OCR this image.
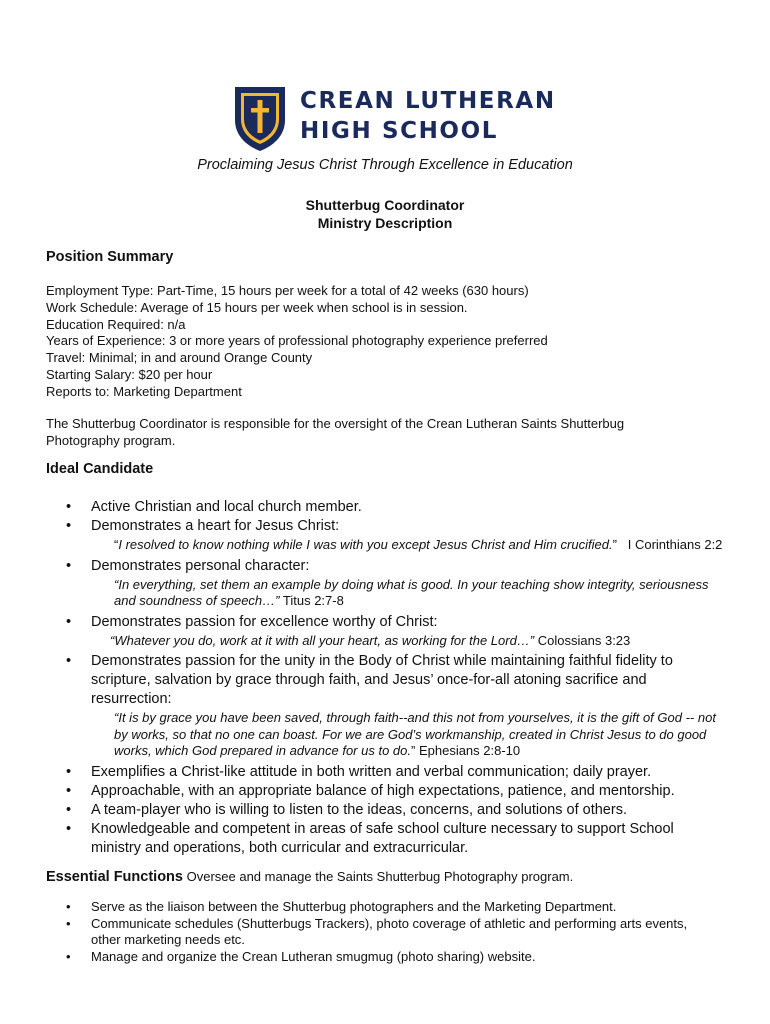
CREAN LUTHERAN
HIGH SCHOOL
Proclaiming Jesus Christ Through Excellence in Education
Shutterbug Coordinator
Ministry Description
Position Summary
Employment Type: Part-Time, 15 hours per week for a total of 42 weeks (630 hours)
Work Schedule: Average of 15 hours per week when school is in session.
Education Required: n/a
Years of Experience: 3 or more years of professional photography experience preferred
Travel: Minimal; in and around Orange County
Starting Salary: $20 per hour
Reports to: Marketing Department
The Shutterbug Coordinator is responsible for the oversight of the Crean Lutheran Saints Shutterbug Photography program.
Ideal Candidate
• Active Christian and local church member.
• Demonstrates a heart for Jesus Christ:
“I resolved to know nothing while I was with you except Jesus Christ and Him crucified.”   I Corinthians 2:2
• Demonstrates personal character:
“In everything, set them an example by doing what is good. In your teaching show integrity, seriousness and soundness of speech…” Titus 2:7-8
• Demonstrates passion for excellence worthy of Christ:
“Whatever you do, work at it with all your heart, as working for the Lord…” Colossians 3:23
• Demonstrates passion for the unity in the Body of Christ while maintaining faithful fidelity to scripture, salvation by grace through faith, and Jesus’ once-for-all atoning sacrifice and resurrection:
“It is by grace you have been saved, through faith--and this not from yourselves, it is the gift of God -- not by works, so that no one can boast. For we are God’s workmanship, created in Christ Jesus to do good works, which God prepared in advance for us to do.” Ephesians 2:8-10
• Exemplifies a Christ-like attitude in both written and verbal communication; daily prayer.
• Approachable, with an appropriate balance of high expectations, patience, and mentorship.
• A team-player who is willing to listen to the ideas, concerns, and solutions of others.
• Knowledgeable and competent in areas of safe school culture necessary to support School ministry and operations, both curricular and extracurricular.
Essential Functions Oversee and manage the Saints Shutterbug Photography program.
• Serve as the liaison between the Shutterbug photographers and the Marketing Department.
• Communicate schedules (Shutterbugs Trackers), photo coverage of athletic and performing arts events, other marketing needs etc.
• Manage and organize the Crean Lutheran smugmug (photo sharing) website.
